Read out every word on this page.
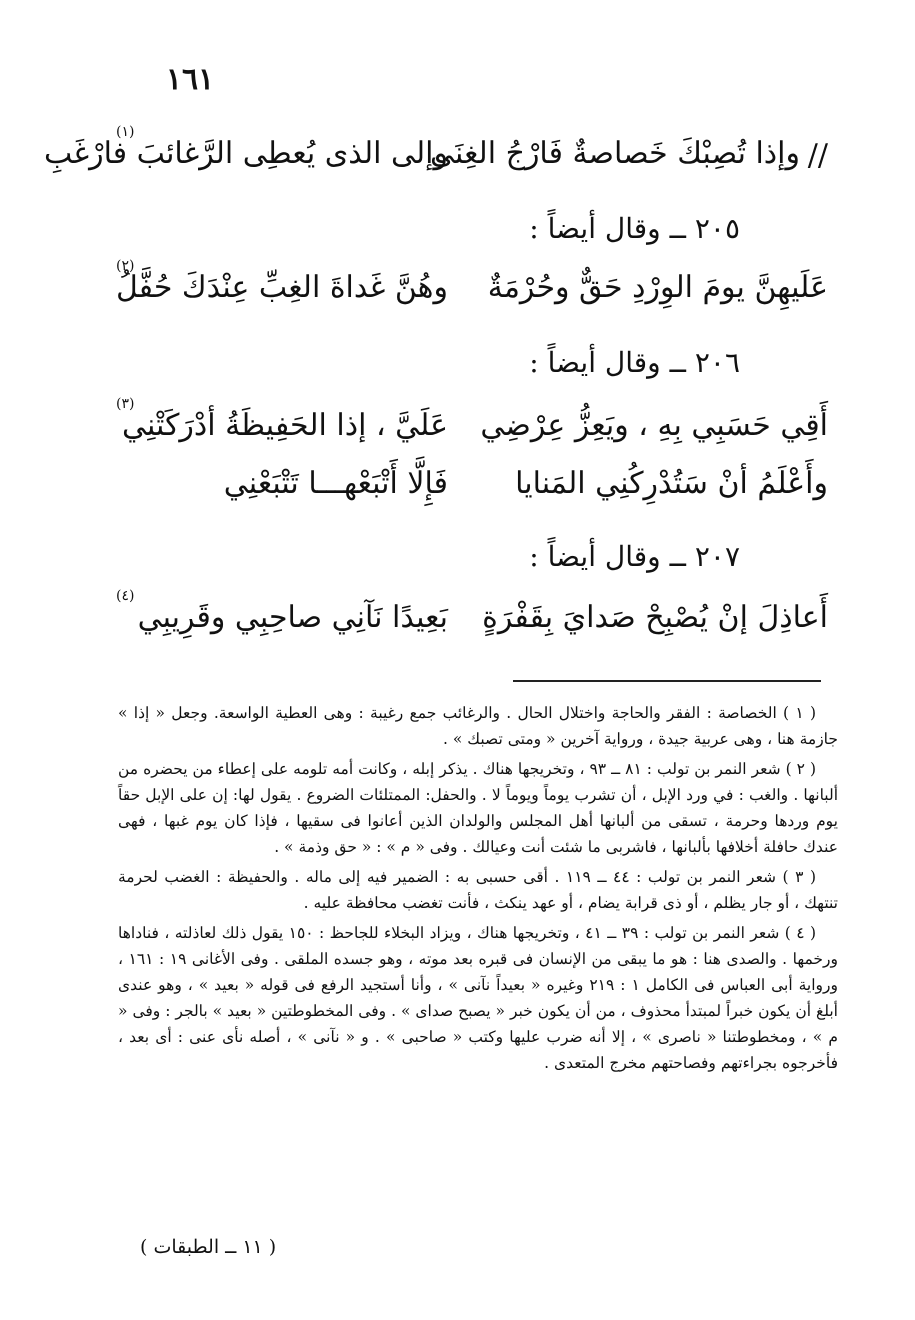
١٦١
//
وإذا تُصِبْكَ خَصاصةٌ فَارْجُ الغِنَى
وإلى الذى يُعطِى الرَّغائبَ فارْغَبِ
(١)
٢٠٥ ــ وقال أيضاً :
عَلَيهِنَّ يومَ الوِرْدِ حَقٌّ وحُرْمَةٌ
وهُنَّ غَداةَ الغِبِّ عِنْدَكَ حُفَّلُ
(٢)
٢٠٦ ــ وقال أيضاً :
أَقِي حَسَبِي بِهِ ، ويَعِزُّ عِرْضِي
عَلَيَّ ، إذا الحَفِيظَةُ أدْرَكَتْنِي
(٣)
وأَعْلَمُ أنْ سَتُدْرِكُنِي المَنايا
فَإِلَّا أَتْبَعْهـــا تَتْبَعْنِي
٢٠٧ ــ وقال أيضاً :
أَعاذِلَ إنْ يُصْبِحْ صَدايَ بِقَفْرَةٍ
بَعِيدًا نَآنِي صاحِبِي وقَرِيبِي
(٤)

( ١ ) الخصاصة : الفقر والحاجة واختلال الحال . والرغائب جمع رغيبة : وهى العطية الواسعة. وجعل « إذا » جازمة هنا ، وهى عربية جيدة ، ورواية آخرين « ومتى تصبك » .

( ٢ ) شعر النمر بن تولب : ٨١ ــ ٩٣ ، وتخريجها هناك . يذكر إبله ، وكانت أمه تلومه على إعطاء من يحضره من ألبانها . والغب : في ورد الإبل ، أن تشرب يوماً ويوماً لا . والحفل: الممتلئات الضروع . يقول لها: إن على الإبل حقاً يوم وردها وحرمة ، تسقى من ألبانها أهل المجلس والولدان الذين أعانوا فى سقيها ، فإذا كان يوم غبها ، فهى عندك حافلة أخلافها بألبانها ، فاشربى ما شئت أنت وعيالك . وفى « م » : « حق وذمة » .

( ٣ ) شعر النمر بن تولب : ٤٤ ــ ١١٩ . أقى حسبى به : الضمير فيه إلى ماله . والحفيظة : الغضب لحرمة تنتهك ، أو جار يظلم ، أو ذى قرابة يضام ، أو عهد ينكث ، فأنت تغضب محافظة عليه .

( ٤ ) شعر النمر بن تولب : ٣٩ ــ ٤١ ، وتخريجها هناك ، ويزاد البخلاء للجاحظ : ١٥٠ يقول ذلك لعاذلته ، فناداها ورخمها . والصدى هنا : هو ما يبقى من الإنسان فى قبره بعد موته ، وهو جسده الملقى . وفى الأغانى ١٩ : ١٦١ ، ورواية أبى العباس فى الكامل ١ : ٢١٩ وغيره « بعيداً نآنى » ، وأنا أستجيد الرفع فى قوله « بعيد » ، وهو عندى أبلغ أن يكون خبراً لمبتدأ محذوف ، من أن يكون خبر « يصبح صداى » . وفى المخطوطتين « بعيد » بالجر : وفى « م » ، ومخطوطتنا « ناصرى » ، إلا أنه ضرب عليها وكتب « صاحبى » . و « نآنى » ، أصله نأى عنى : أى بعد ، فأخرجوه بجراءتهم وفصاحتهم مخرج المتعدى .

( ١١ ــ الطبقات )
